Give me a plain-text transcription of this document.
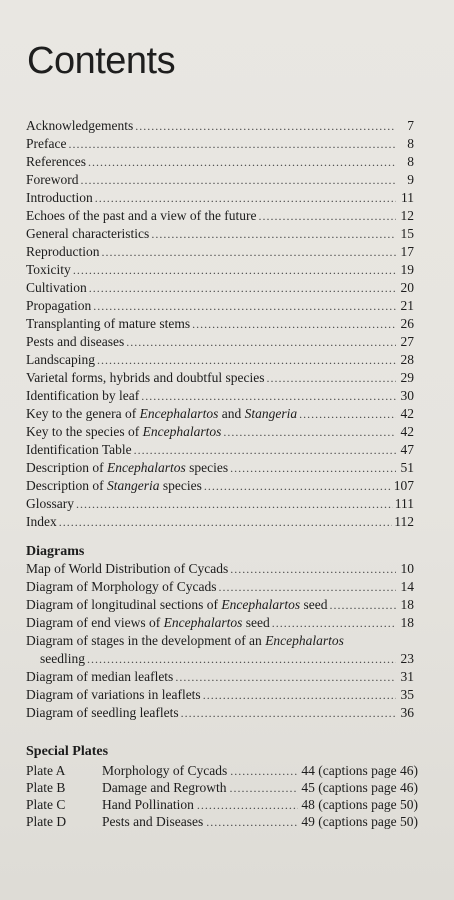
Contents
Acknowledgements .....	7
Preface .....	8
References .....	8
Foreword .....	9
Introduction .....	11
Echoes of the past and a view of the future .....	12
General characteristics .....	15
Reproduction .....	17
Toxicity .....	19
Cultivation .....	20
Propagation .....	21
Transplanting of mature stems .....	26
Pests and diseases .....	27
Landscaping .....	28
Varietal forms, hybrids and doubtful species .....	29
Identification by leaf .....	30
Key to the genera of Encephalartos and Stangeria .....	42
Key to the species of Encephalartos .....	42
Identification Table .....	47
Description of Encephalartos species .....	51
Description of Stangeria species .....	107
Glossary .....	111
Index .....	112
Diagrams
Map of World Distribution of Cycads .....	10
Diagram of Morphology of Cycads .....	14
Diagram of longitudinal sections of Encephalartos seed .....	18
Diagram of end views of Encephalartos seed .....	18
Diagram of stages in the development of an Encephalartos
seedling .....	23
Diagram of median leaflets .....	31
Diagram of variations in leaflets .....	35
Diagram of seedling leaflets .....	36
Special Plates
Plate A	Morphology of Cycads .....	44 (captions page 46)
Plate B	Damage and Regrowth .....	45 (captions page 46)
Plate C	Hand Pollination .....	48 (captions page 50)
Plate D	Pests and Diseases .....	49 (captions page 50)
